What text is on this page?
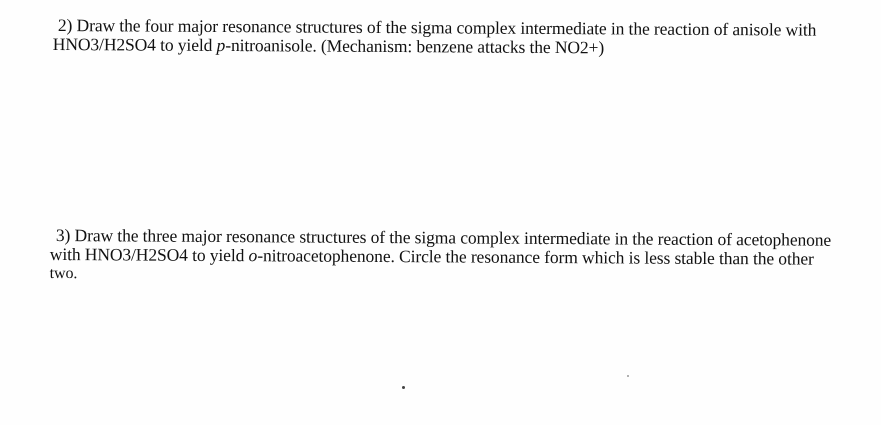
2) Draw the four major resonance structures of the sigma complex intermediate in the reaction of anisole with
HNO3/H2SO4 to yield p-nitroanisole. (Mechanism: benzene attacks the NO2+)
3) Draw the three major resonance structures of the sigma complex intermediate in the reaction of acetophenone
with HNO3/H2SO4 to yield o-nitroacetophenone. Circle the resonance form which is less stable than the other
two.
